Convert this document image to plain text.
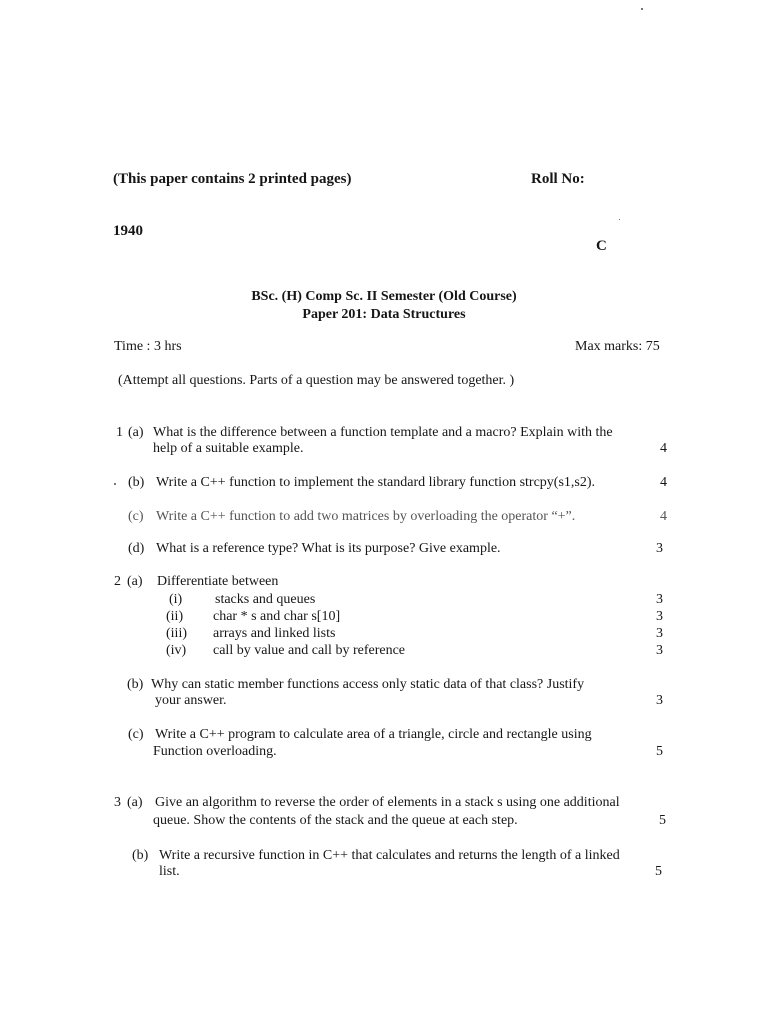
(This paper contains 2 printed pages)	Roll No:
1940
C
BSc. (H) Comp Sc. II Semester (Old Course)
Paper 201: Data Structures
Time : 3 hrs	Max marks: 75
(Attempt all questions. Parts of a question may be answered together. )
1 (a) What is the difference between a function template and a macro? Explain with the
help of a suitable example.	4
(b) Write a C++ function to implement the standard library function strcpy(s1,s2).	4
(c) Write a C++ function to add two matrices by overloading the operator “+”.	4
(d) What is a reference type? What is its purpose? Give example.	3
2 (a) Differentiate between
(i) stacks and queues	3
(ii) char * s and char s[10]	3
(iii) arrays and linked lists	3
(iv) call by value and call by reference	3
(b) Why can static member functions access only static data of that class? Justify
your answer.	3
(c) Write a C++ program to calculate area of a triangle, circle and rectangle using
Function overloading.	5
3 (a) Give an algorithm to reverse the order of elements in a stack s using one additional
queue. Show the contents of the stack and the queue at each step.	5
(b) Write a recursive function in C++ that calculates and returns the length of a linked
list.	5
